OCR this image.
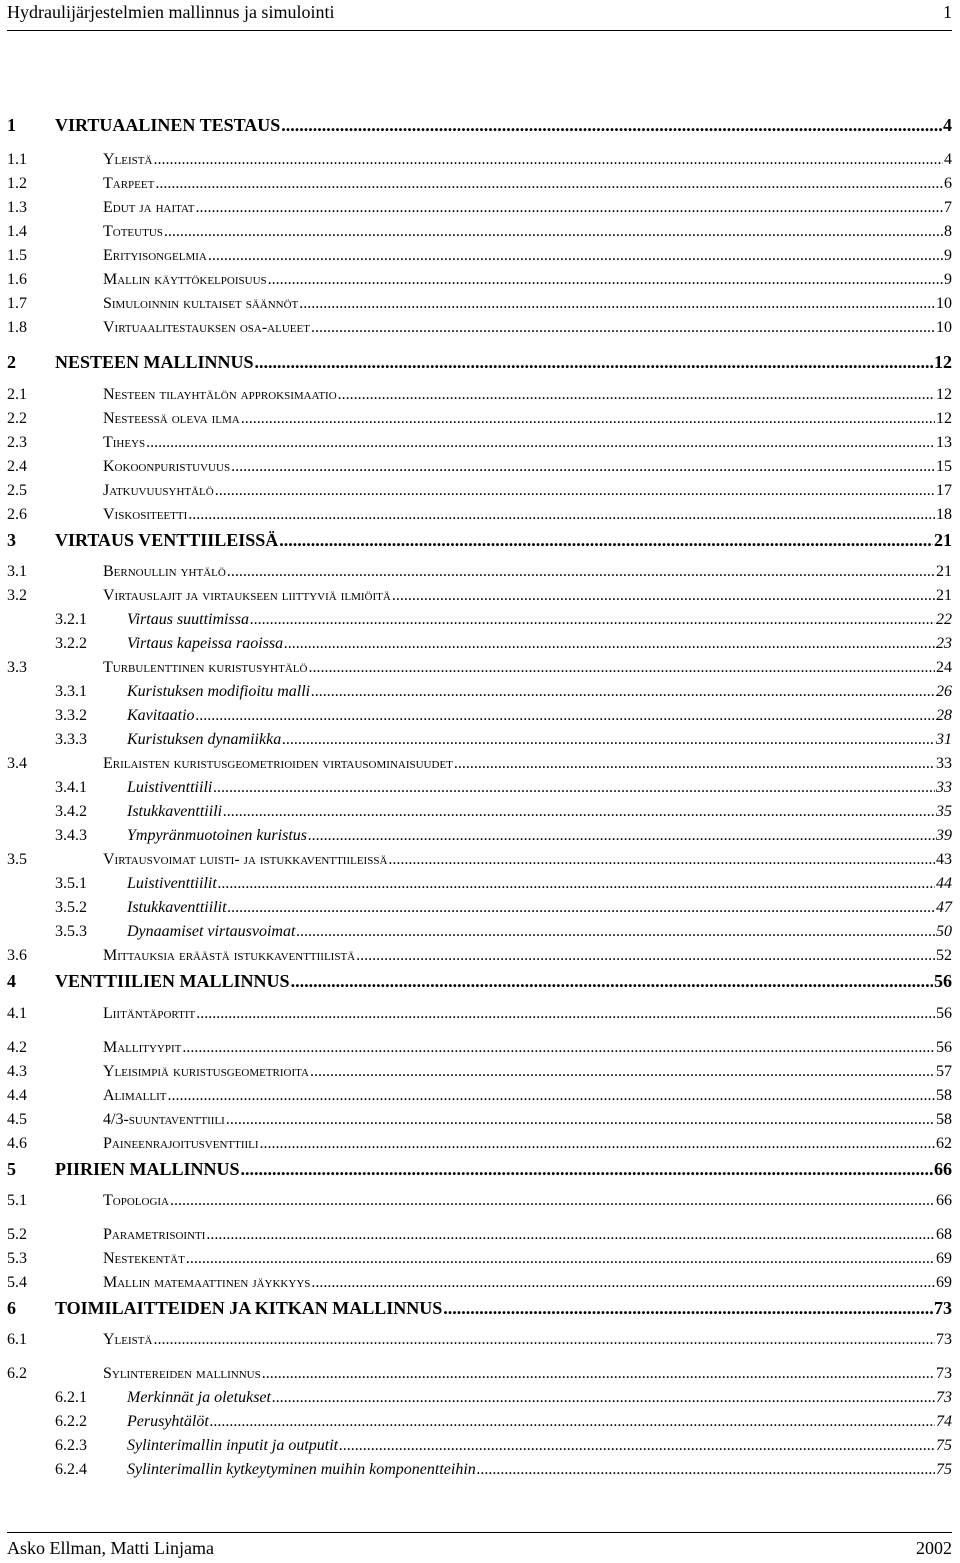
Hydraulijärjestelmien mallinnus ja simulointi	1
1	VIRTUAALINEN TESTAUS .....	4
1.1	Yleistä .....	4
1.2	Tarpeet .....	6
1.3	Edut ja haitat .....	7
1.4	Toteutus .....	8
1.5	Erityisongelmia .....	9
1.6	Mallin käyttökelpoisuus .....	9
1.7	Simuloinnin kultaiset säännöt .....	10
1.8	Virtuaalitestauksen osa-alueet .....	10
2	NESTEEN MALLINNUS .....	12
2.1	Nesteen tilayhtälön approksimaatio .....	12
2.2	Nesteessä oleva ilma .....	12
2.3	Tiheys .....	13
2.4	Kokoonpuristuvuus .....	15
2.5	Jatkuvuusyhtälö .....	17
2.6	Viskositeetti .....	18
3	VIRTAUS VENTTIILEISSÄ .....	21
3.1	Bernoullin yhtälö .....	21
3.2	Virtauslajit ja virtaukseen liittyviä ilmiöitä .....	21
3.2.1	Virtaus suuttimissa .....	22
3.2.2	Virtaus kapeissa raoissa .....	23
3.3	Turbulenttinen kuristusyhtälö .....	24
3.3.1	Kuristuksen modifioitu malli .....	26
3.3.2	Kavitaatio .....	28
3.3.3	Kuristuksen dynamiikka .....	31
3.4	Erilaisten kuristusgeometrioiden virtausominaisuudet .....	33
3.4.1	Luistiventtiili .....	33
3.4.2	Istukkaventtiili .....	35
3.4.3	Ympyränmuotoinen kuristus .....	39
3.5	Virtausvoimat luisti- ja istukkaventtiileissä .....	43
3.5.1	Luistiventtiilit .....	44
3.5.2	Istukkaventtiilit .....	47
3.5.3	Dynaamiset virtausvoimat .....	50
3.6	Mittauksia eräästä istukkaventtiilistä .....	52
4	VENTTIILIEN MALLINNUS .....	56
4.1	Liitäntäportit .....	56
4.2	Mallityypit .....	56
4.3	Yleisimpiä kuristusgeometrioita .....	57
4.4	Alimallit .....	58
4.5	4/3-suuntaventtiili .....	58
4.6	Paineenrajoitusventtiili .....	62
5	PIIRIEN MALLINNUS .....	66
5.1	Topologia .....	66
5.2	Parametrisointi .....	68
5.3	Nestekentät .....	69
5.4	Mallin matemaattinen jäykkyys .....	69
6	TOIMILAITTEIDEN JA KITKAN MALLINNUS .....	73
6.1	Yleistä .....	73
6.2	Sylintereiden mallinnus .....	73
6.2.1	Merkinnät ja oletukset .....	73
6.2.2	Perusyhtälöt .....	74
6.2.3	Sylinterimallin inputit ja outputit .....	75
6.2.4	Sylinterimallin kytkeytyminen muihin komponentteihin .....	75
Asko Ellman, Matti Linjama	2002
